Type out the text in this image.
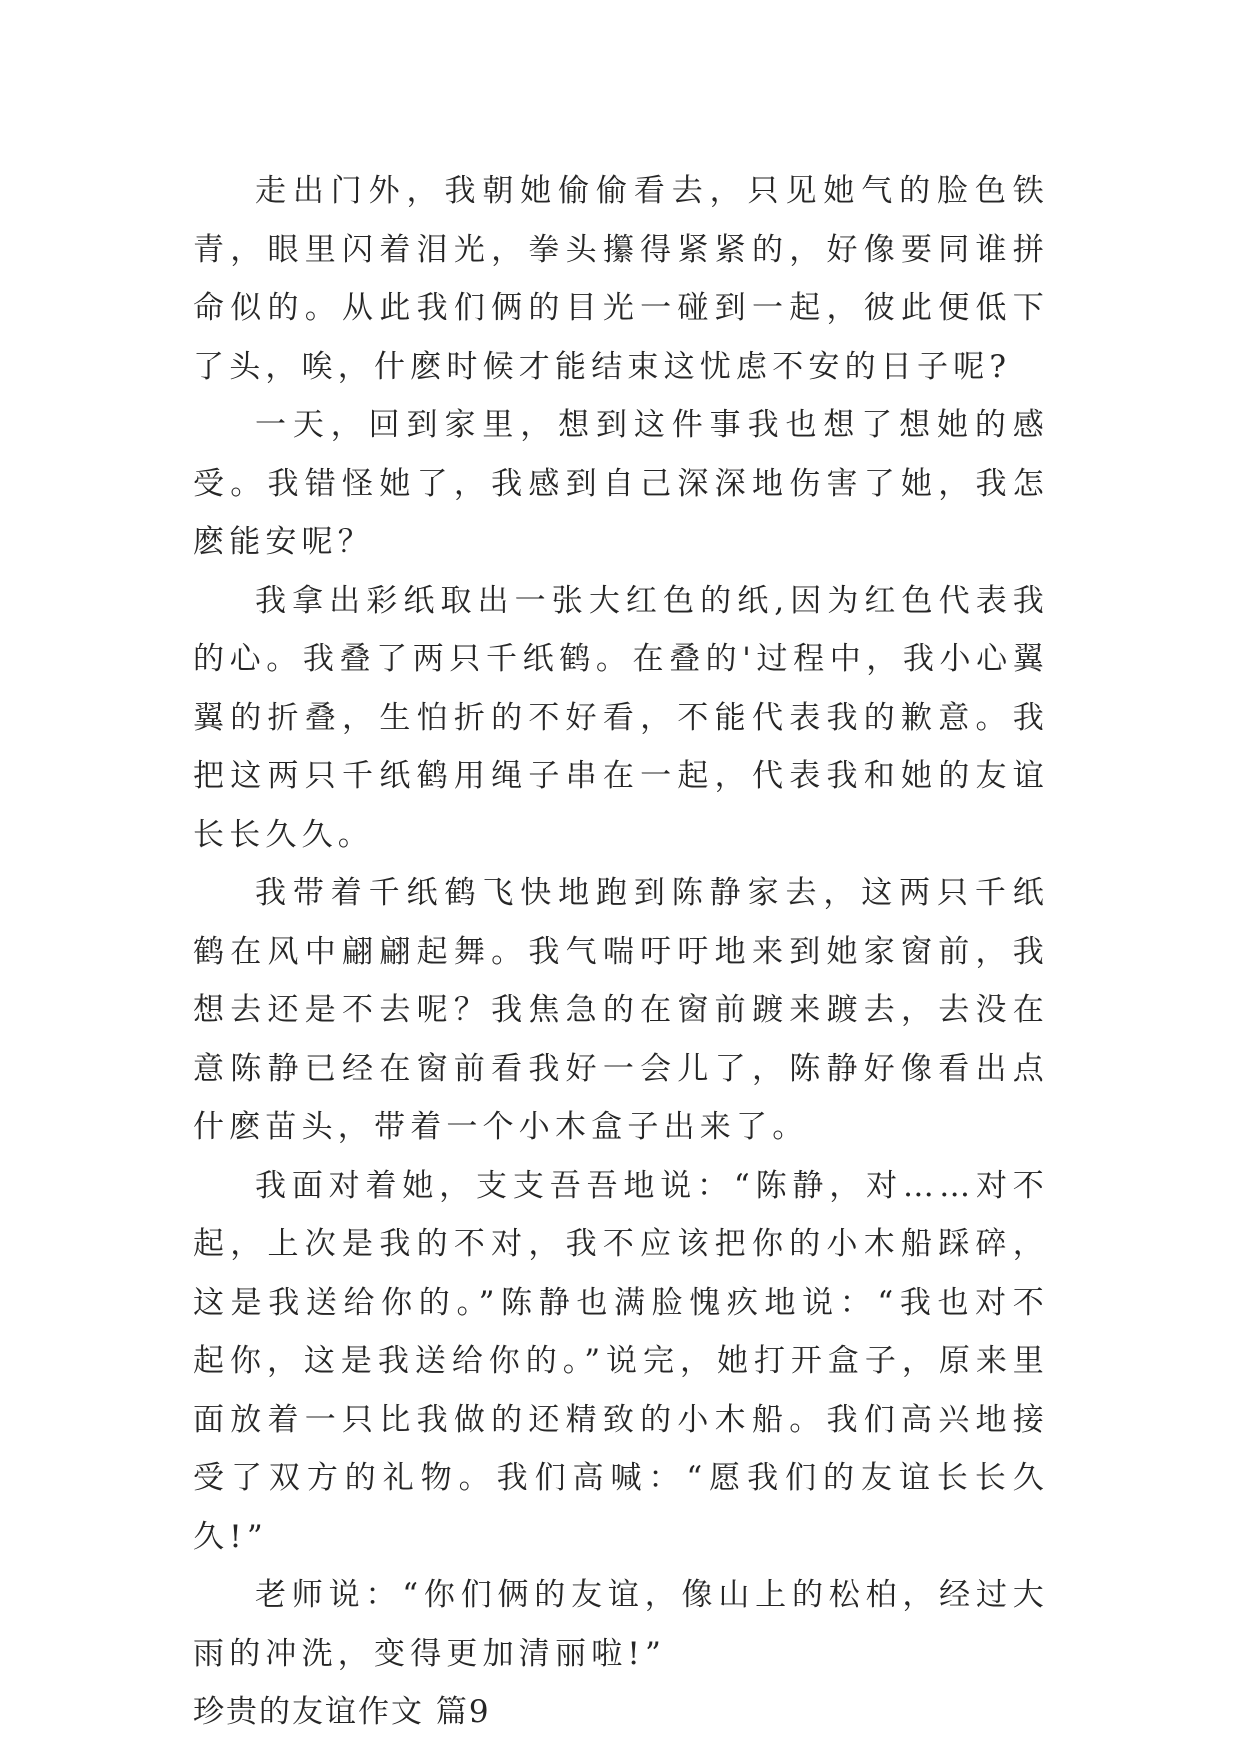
走出门外，我朝她偷偷看去，只见她气的脸色铁青，眼里闪着泪光，拳头攥得紧紧的，好像要同谁拼命似的。从此我们俩的目光一碰到一起，彼此便低下了头，唉，什麽时候才能结束这忧虑不安的日子呢?

一天，回到家里，想到这件事我也想了想她的感受。我错怪她了，我感到自己深深地伤害了她，我怎麽能安呢？

我拿出彩纸取出一张大红色的纸,因为红色代表我的心。我叠了两只千纸鹤。在叠的'过程中，我小心翼翼的折叠，生怕折的不好看，不能代表我的歉意。我把这两只千纸鹤用绳子串在一起，代表我和她的友谊长长久久。

我带着千纸鹤飞快地跑到陈静家去，这两只千纸鹤在风中翩翩起舞。我气喘吁吁地来到她家窗前，我想去还是不去呢？我焦急的在窗前踱来踱去，去没在意陈静已经在窗前看我好一会儿了，陈静好像看出点什麽苗头，带着一个小木盒子出来了。

我面对着她，支支吾吾地说：“陈静，对……对不起，上次是我的不对，我不应该把你的小木船踩碎，这是我送给你的。”陈静也满脸愧疚地说：“我也对不起你，这是我送给你的。”说完，她打开盒子，原来里面放着一只比我做的还精致的小木船。我们高兴地接受了双方的礼物。我们高喊：“愿我们的友谊长长久久!”

老师说：“你们俩的友谊，像山上的松柏，经过大雨的冲洗，变得更加清丽啦!”

珍贵的友谊作文 篇9
